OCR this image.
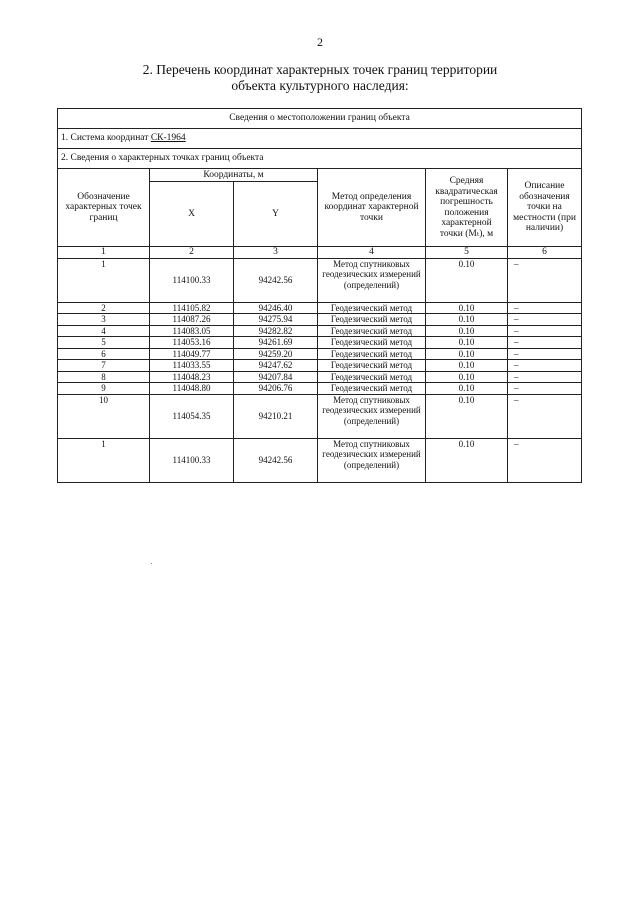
2
2. Перечень координат характерных точек границ территории
объекта культурного наследия:
Сведения о местоположении границ объекта					
1. Система координат СК-1964					
2. Сведения о характерных точках границ объекта					
Обозначение характерных точек границ	Координаты, м		Метод определения координат характерной точки	Средняя квадратическая погрешность положения характерной точки (Mₜ), м	Описание обозначения точки на местности (при наличии)
	X	Y			
1	2	3	4	5	6
1	114100.33	94242.56	Метод спутниковых геодезических измерений (определений)	0.10	–
2	114105.82	94246.40	Геодезический метод	0.10	–
3	114087.26	94275.94	Геодезический метод	0.10	–
4	114083.05	94282.82	Геодезический метод	0.10	–
5	114053.16	94261.69	Геодезический метод	0.10	–
6	114049.77	94259.20	Геодезический метод	0.10	–
7	114033.55	94247.62	Геодезический метод	0.10	–
8	114048.23	94207.84	Геодезический метод	0.10	–
9	114048.80	94206.76	Геодезический метод	0.10	–
10	114054.35	94210.21	Метод спутниковых геодезических измерений (определений)	0.10	–
1	114100.33	94242.56	Метод спутниковых геодезических измерений (определений)	0.10	–
